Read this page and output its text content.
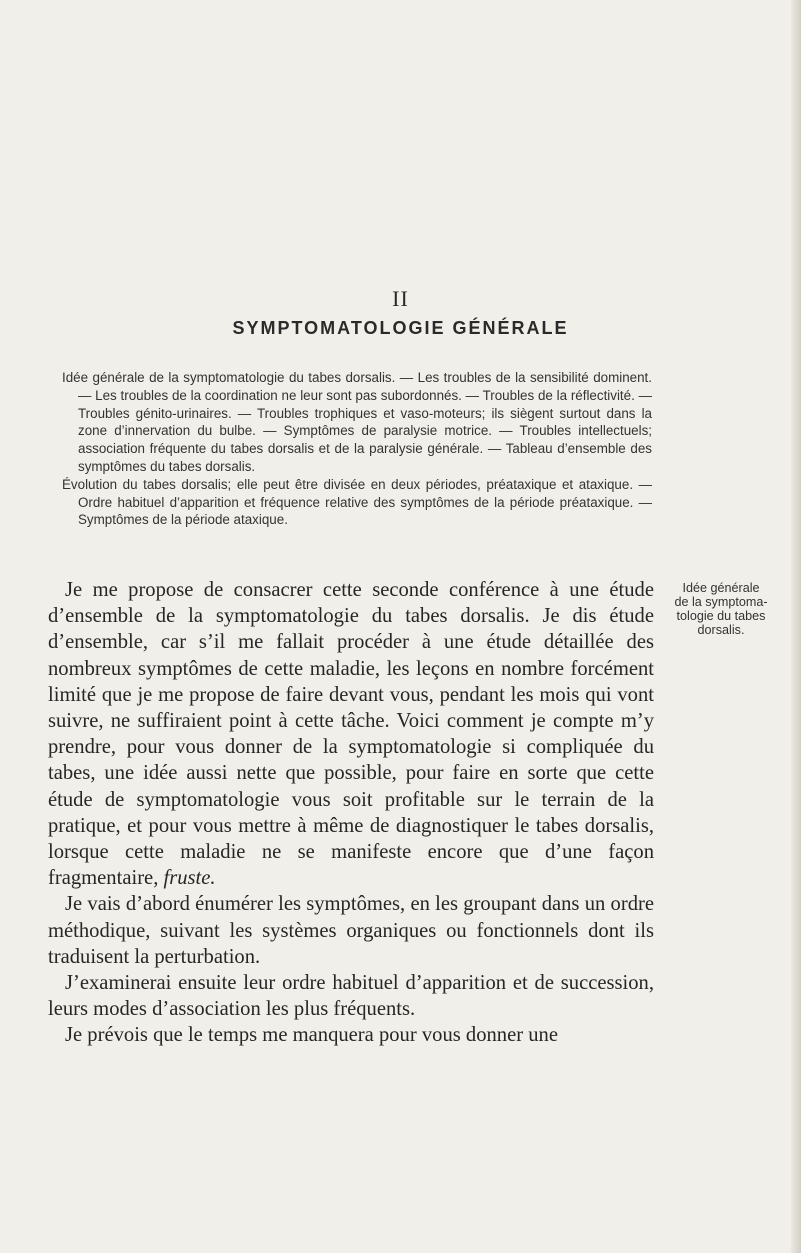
II
SYMPTOMATOLOGIE GÉNÉRALE

Idée générale de la symptomatologie du tabes dorsalis. — Les troubles de la sensibilité dominent. — Les troubles de la coordination ne leur sont pas subordonnés. — Troubles de la réflectivité. — Troubles génito-urinaires. — Troubles trophiques et vaso-moteurs; ils siègent surtout dans la zone d’innervation du bulbe. — Symptômes de paralysie motrice. — Troubles intellectuels; association fréquente du tabes dorsalis et de la paralysie générale. — Tableau d’ensemble des symptômes du tabes dorsalis.

Évolution du tabes dorsalis; elle peut être divisée en deux périodes, préataxique et ataxique. — Ordre habituel d’apparition et fréquence relative des symptômes de la période préataxique. — Symptômes de la période ataxique.

Je me propose de consacrer cette seconde conférence à une étude d’ensemble de la symptomatologie du tabes dorsalis. Je dis étude d’ensemble, car s’il me fallait procéder à une étude détaillée des nombreux symptômes de cette maladie, les leçons en nombre forcément limité que je me propose de faire devant vous, pendant les mois qui vont suivre, ne suffiraient point à cette tâche. Voici comment je compte m’y prendre, pour vous donner de la symptomatologie si compliquée du tabes, une idée aussi nette que possible, pour faire en sorte que cette étude de symptomatologie vous soit profitable sur le terrain de la pratique, et pour vous mettre à même de diagnostiquer le tabes dorsalis, lorsque cette maladie ne se manifeste encore que d’une façon fragmentaire, fruste.

Je vais d’abord énumérer les symptômes, en les groupant dans un ordre méthodique, suivant les systèmes organiques ou fonctionnels dont ils traduisent la perturbation.

J’examinerai ensuite leur ordre habituel d’apparition et de succession, leurs modes d’association les plus fréquents.

Je prévois que le temps me manquera pour vous donner une

Idée générale
de la symptoma-
tologie du tabes
dorsalis.
